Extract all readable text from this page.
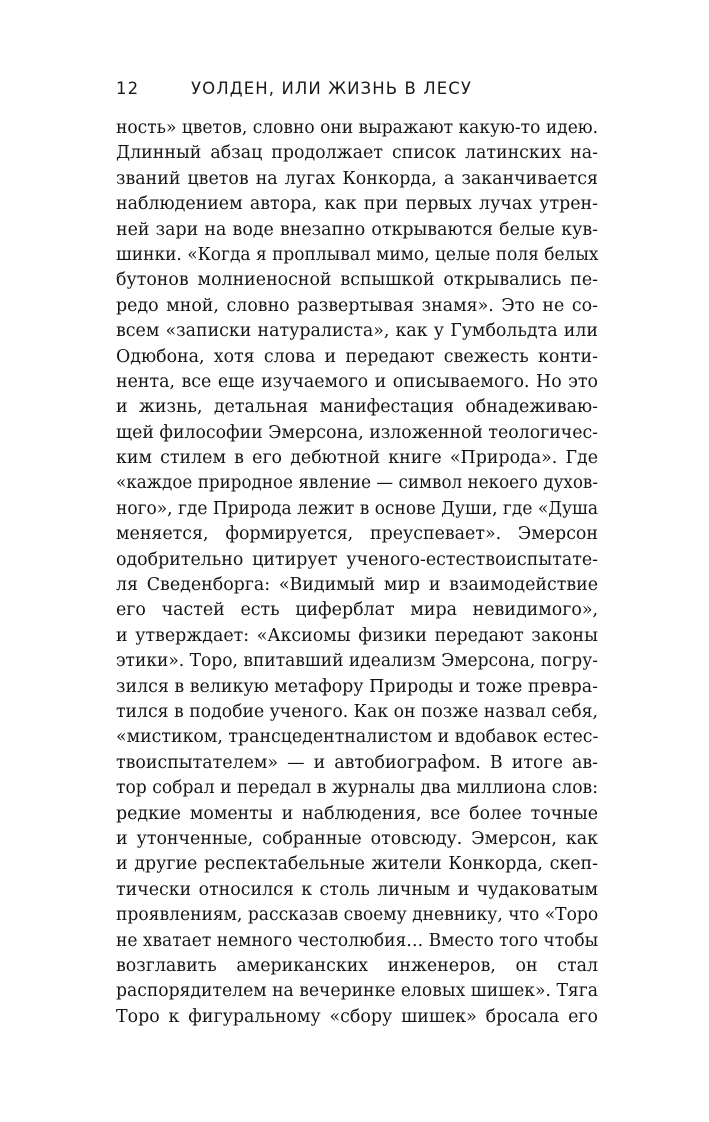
12	УОЛДЕН, ИЛИ ЖИЗНЬ В ЛЕСУ
ность» цветов, словно они выражают какую-то идею.
Длинный абзац продолжает список латинских на-
званий цветов на лугах Конкорда, а заканчивается
наблюдением автора, как при первых лучах утрен-
ней зари на воде внезапно открываются белые кув-
шинки. «Когда я проплывал мимо, целые поля белых
бутонов молниеносной вспышкой открывались пе-
редо мной, словно развертывая знамя». Это не со-
всем «записки натуралиста», как у Гумбольдта или
Одюбона, хотя слова и передают свежесть конти-
нента, все еще изучаемого и описываемого. Но это
и жизнь, детальная манифестация обнадеживаю-
щей философии Эмерсона, изложенной теологичес-
ким стилем в его дебютной книге «Природа». Где
«каждое природное явление — символ некоего духов-
ного», где Природа лежит в основе Души, где «Душа
меняется, формируется, преуспевает». Эмерсон
одобрительно цитирует ученого-естествоиспытате-
ля Сведенборга: «Видимый мир и взаимодействие
его частей есть циферблат мира невидимого»,
и утверждает: «Аксиомы физики передают законы
этики». Торо, впитавший идеализм Эмерсона, погру-
зился в великую метафору Природы и тоже превра-
тился в подобие ученого. Как он позже назвал себя,
«мистиком, трансцедентналистом и вдобавок естес-
твоиспытателем» — и автобиографом. В итоге ав-
тор собрал и передал в журналы два миллиона слов:
редкие моменты и наблюдения, все более точные
и утонченные, собранные отовсюду. Эмерсон, как
и другие респектабельные жители Конкорда, скеп-
тически относился к столь личным и чудаковатым
проявлениям, рассказав своему дневнику, что «Торо
не хватает немного честолюбия… Вместо того чтобы
возглавить американских инженеров, он стал
распорядителем на вечеринке еловых шишек». Тяга
Торо к фигуральному «сбору шишек» бросала его
